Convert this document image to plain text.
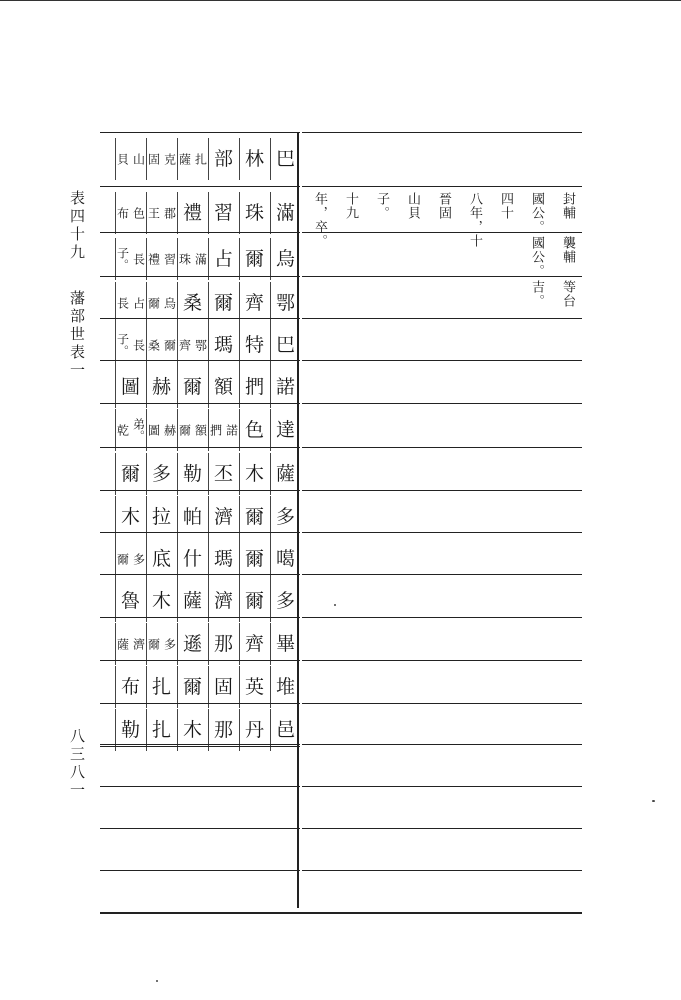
表四十九
藩部世表一
八三八一
巴
林
部
扎
薩
克
固
山
貝
滿
珠
習
禮
郡
王
色
布
烏
爾
占
滿
珠
習
禮
長
子。
鄂
齊
爾
桑
烏
爾
占
長
巴
特
瑪
鄂
齊
爾
桑
長
子。
諾
捫
額
爾
赫
圖
達
色
諾
捫
額
爾
赫
圖
弟。
乾
薩
木
丕
勒
多
爾
多
爾
濟
帕
拉
木
噶
爾
瑪
什
底
多
爾
多
爾
濟
薩
木
魯
畢
齊
那
遜
多
爾
濟
薩
堆
英
固
爾
扎
布
邑
丹
那
木
扎
勒
封輔
國公。
四十
八年，十
晉固
山貝
子。
十九
年，卒。
襲輔
國公。
等台
吉。
